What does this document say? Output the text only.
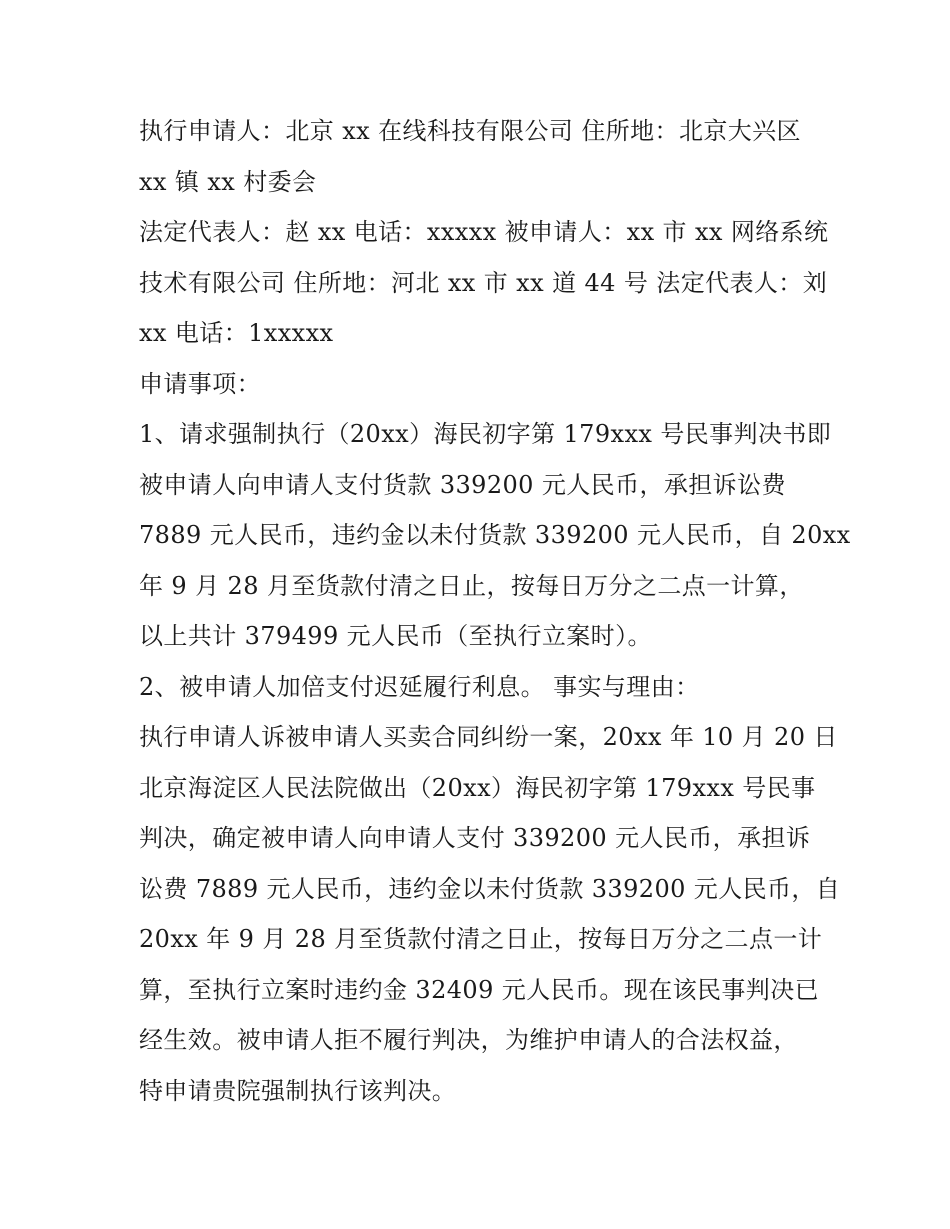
执行申请人：北京 xx 在线科技有限公司 住所地：北京大兴区
xx 镇 xx 村委会
法定代表人：赵 xx 电话：xxxxx 被申请人：xx 市 xx 网络系统
技术有限公司 住所地：河北 xx 市 xx 道 44 号 法定代表人：刘
xx 电话：1xxxxx
申请事项：
1、请求强制执行（20xx）海民初字第 179xxx 号民事判决书即
被申请人向申请人支付货款 339200 元人民币，承担诉讼费
7889 元人民币，违约金以未付货款 339200 元人民币，自 20xx
年 9 月 28 月至货款付清之日止，按每日万分之二点一计算，
以上共计 379499 元人民币（至执行立案时）。
2、被申请人加倍支付迟延履行利息。 事实与理由：
执行申请人诉被申请人买卖合同纠纷一案，20xx 年 10 月 20 日
北京海淀区人民法院做出（20xx）海民初字第 179xxx 号民事
判决，确定被申请人向申请人支付 339200 元人民币，承担诉
讼费 7889 元人民币，违约金以未付货款 339200 元人民币，自
20xx 年 9 月 28 月至货款付清之日止，按每日万分之二点一计
算，至执行立案时违约金 32409 元人民币。现在该民事判决已
经生效。被申请人拒不履行判决，为维护申请人的合法权益，
特申请贵院强制执行该判决。
